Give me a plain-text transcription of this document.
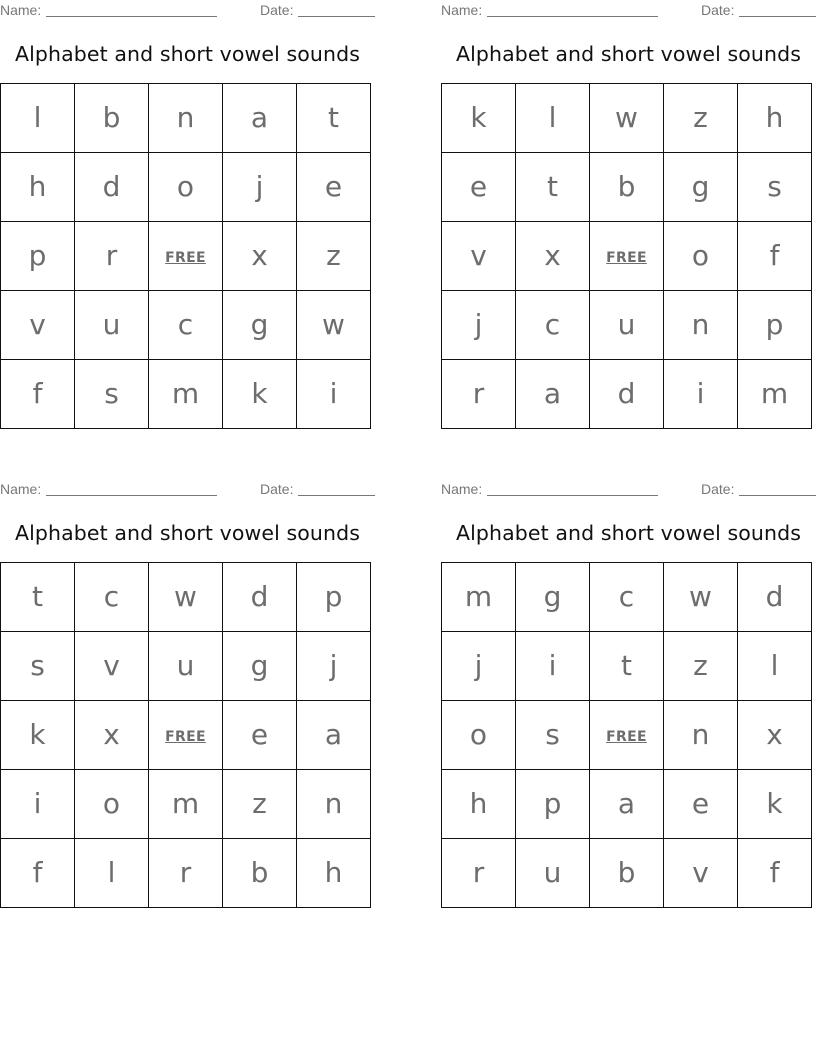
Name:	Date:
Alphabet and short vowel sounds
l	b	n	a	t
h	d	o	j	e
p	r	FREE	x	z
v	u	c	g	w
f	s	m	k	i
Name:	Date:
Alphabet and short vowel sounds
k	l	w	z	h
e	t	b	g	s
v	x	FREE	o	f
j	c	u	n	p
r	a	d	i	m
Name:	Date:
Alphabet and short vowel sounds
t	c	w	d	p
s	v	u	g	j
k	x	FREE	e	a
i	o	m	z	n
f	l	r	b	h
Name:	Date:
Alphabet and short vowel sounds
m	g	c	w	d
j	i	t	z	l
o	s	FREE	n	x
h	p	a	e	k
r	u	b	v	f
